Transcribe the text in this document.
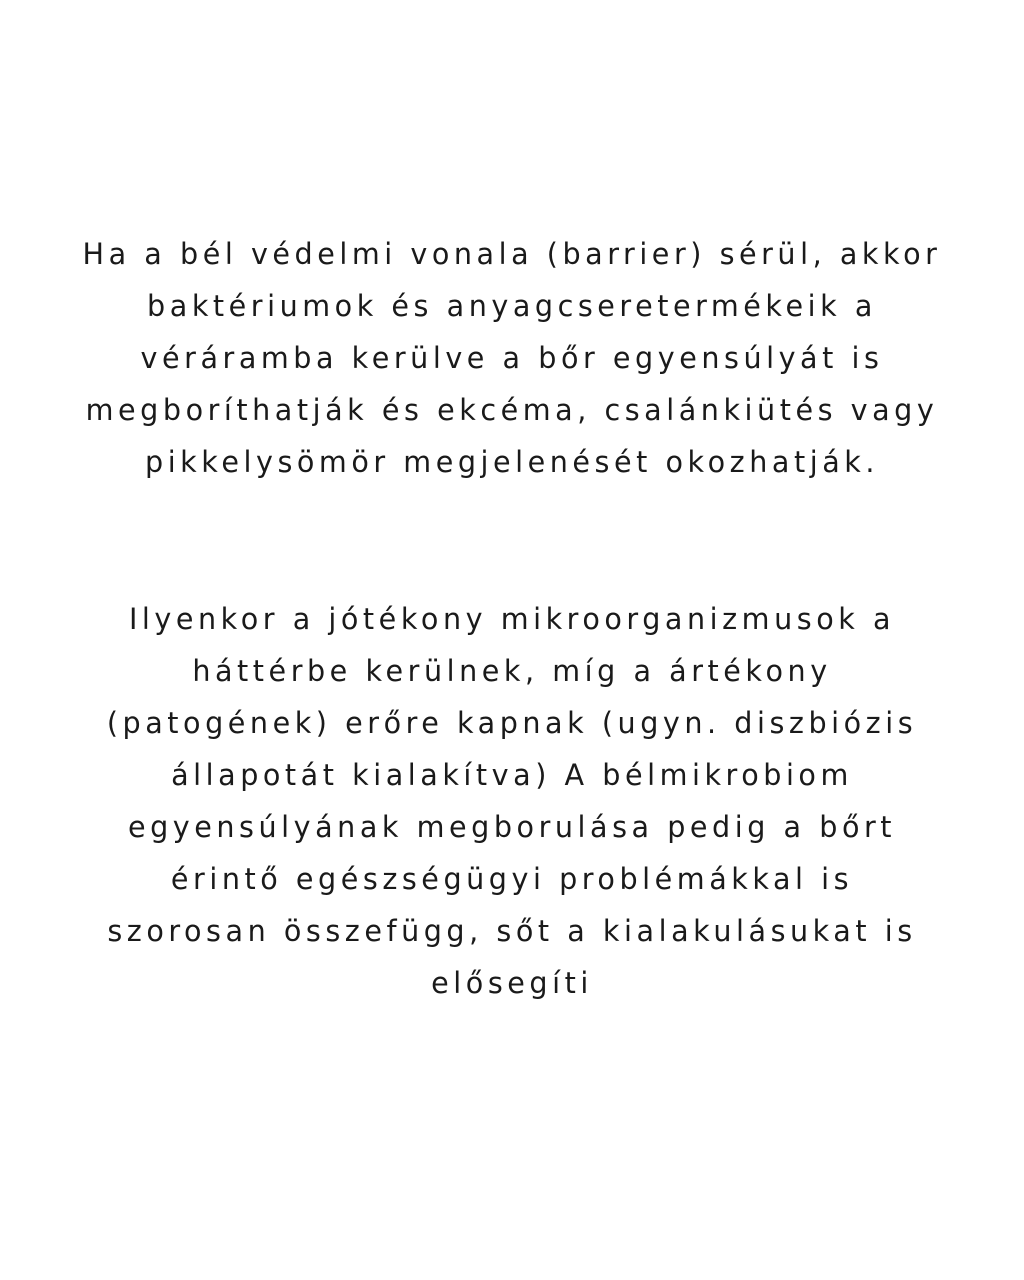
Ha a bél védelmi vonala (barrier) sérül, akkor
baktériumok és anyagcseretermékeik a
véráramba kerülve a bőr egyensúlyát is
megboríthatják és ekcéma, csalánkiütés vagy
pikkelysömör megjelenését okozhatják.

Ilyenkor a jótékony mikroorganizmusok a
háttérbe kerülnek, míg a ártékony
(patogének) erőre kapnak (ugyn. diszbiózis
állapotát kialakítva) A bélmikrobiom
egyensúlyának megborulása pedig a bőrt
érintő egészségügyi problémákkal is
szorosan összefügg, sőt a kialakulásukat is
elősegíti
